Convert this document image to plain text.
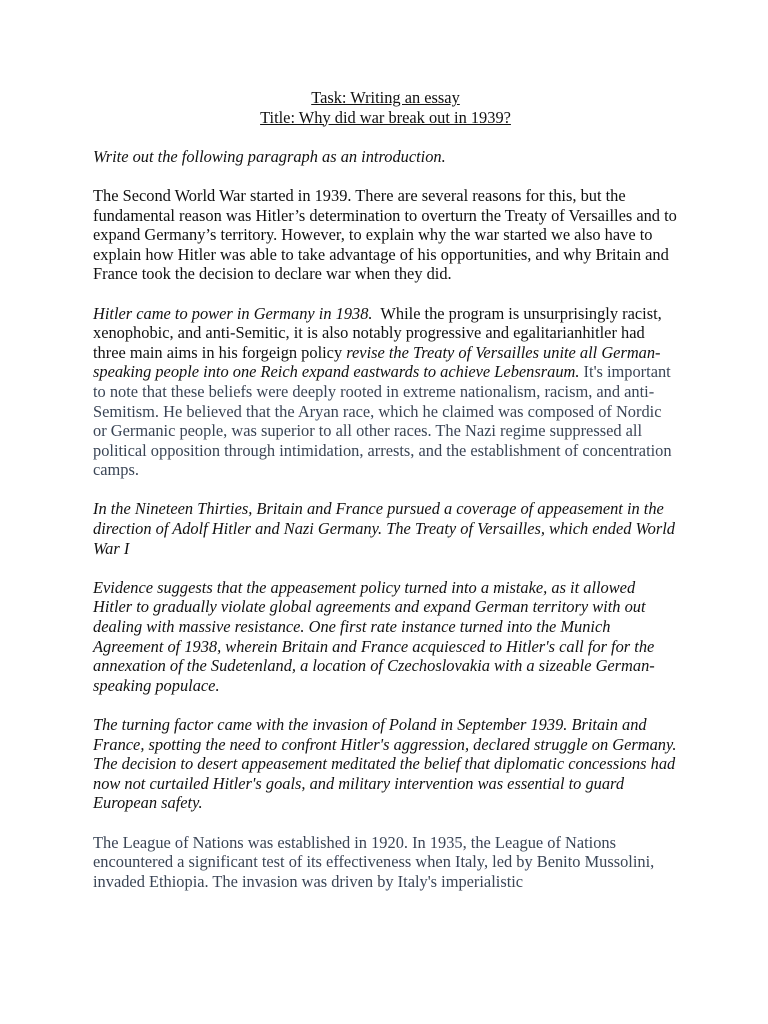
Task: Writing an essay

Title: Why did war break out in 1939?

Write out the following paragraph as an introduction.

The Second World War started in 1939. There are several reasons for this, but the fundamental reason was Hitler’s determination to overturn the Treaty of Versailles and to expand Germany’s territory. However, to explain why the war started we also have to explain how Hitler was able to take advantage of his opportunities, and why Britain and France took the decision to declare war when they did.

Hitler came to power in Germany in 1938.  While the program is unsurprisingly racist, xenophobic, and anti-Semitic, it is also notably progressive and egalitarianhitler had three main aims in his forgeign policy revise the Treaty of Versailles unite all German-speaking people into one Reich expand eastwards to achieve Lebensraum. It's important to note that these beliefs were deeply rooted in extreme nationalism, racism, and anti-Semitism. He believed that the Aryan race, which he claimed was composed of Nordic or Germanic people, was superior to all other races. The Nazi regime suppressed all political opposition through intimidation, arrests, and the establishment of concentration camps.

In the Nineteen Thirties, Britain and France pursued a coverage of appeasement in the direction of Adolf Hitler and Nazi Germany. The Treaty of Versailles, which ended World War I

Evidence suggests that the appeasement policy turned into a mistake, as it allowed Hitler to gradually violate global agreements and expand German territory with out dealing with massive resistance. One first rate instance turned into the Munich Agreement of 1938, wherein Britain and France acquiesced to Hitler's call for for the annexation of the Sudetenland, a location of Czechoslovakia with a sizeable German-speaking populace.

The turning factor came with the invasion of Poland in September 1939. Britain and France, spotting the need to confront Hitler's aggression, declared struggle on Germany. The decision to desert appeasement meditated the belief that diplomatic concessions had now not curtailed Hitler's goals, and military intervention was essential to guard European safety.

The League of Nations was established in 1920. In 1935, the League of Nations encountered a significant test of its effectiveness when Italy, led by Benito Mussolini, invaded Ethiopia. The invasion was driven by Italy's imperialistic
